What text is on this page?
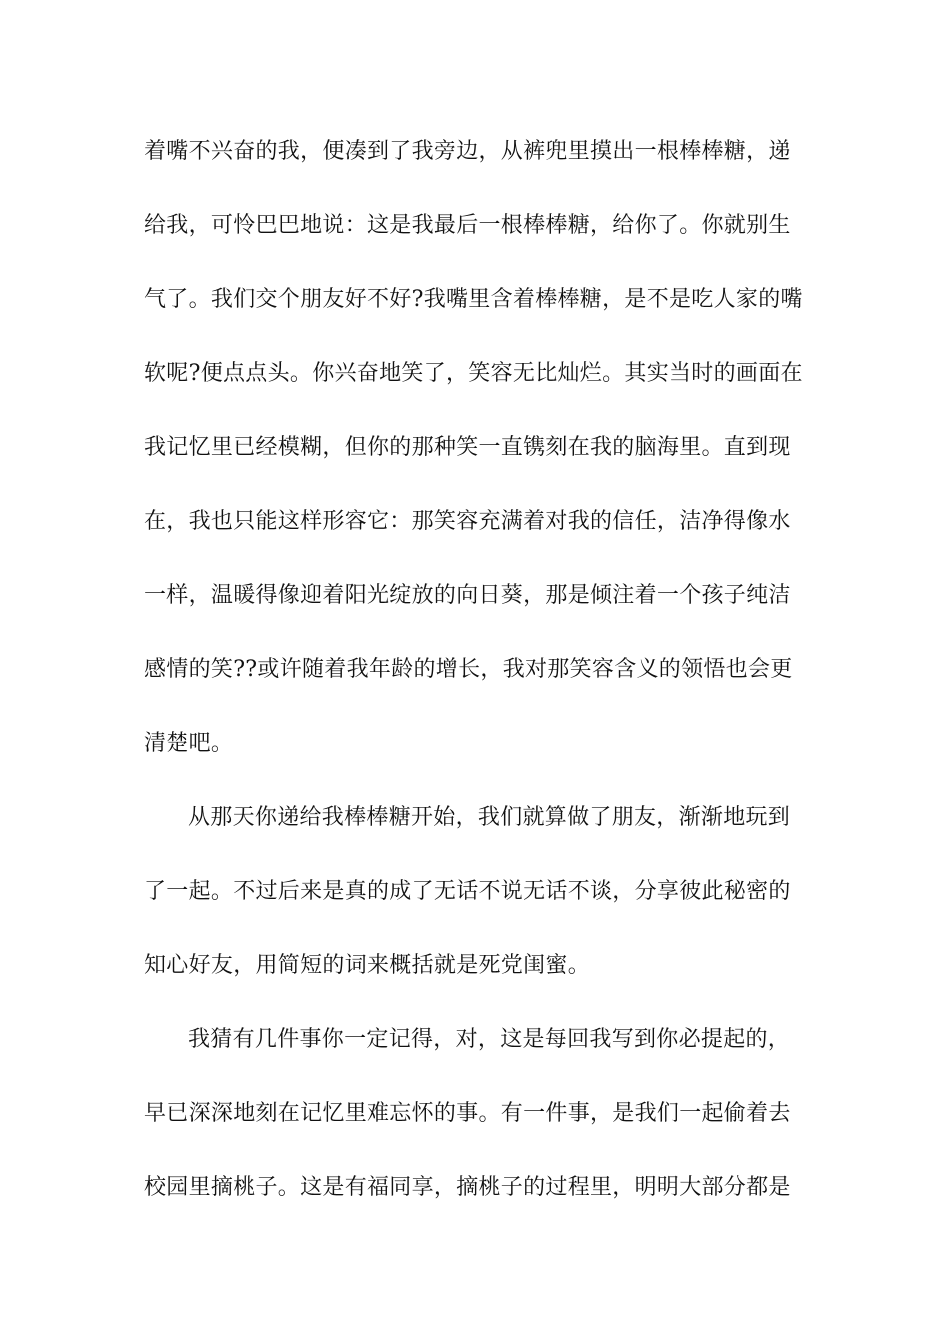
着嘴不兴奋的我，便凑到了我旁边，从裤兜里摸出一根棒棒糖，递
给我，可怜巴巴地说：这是我最后一根棒棒糖，给你了。你就别生
气了。我们交个朋友好不好?我嘴里含着棒棒糖，是不是吃人家的嘴
软呢?便点点头。你兴奋地笑了，笑容无比灿烂。其实当时的画面在
我记忆里已经模糊，但你的那种笑一直镌刻在我的脑海里。直到现
在，我也只能这样形容它：那笑容充满着对我的信任，洁净得像水
一样，温暖得像迎着阳光绽放的向日葵，那是倾注着一个孩子纯洁
感情的笑??或许随着我年龄的增长，我对那笑容含义的领悟也会更
清楚吧。
从那天你递给我棒棒糖开始，我们就算做了朋友，渐渐地玩到
了一起。不过后来是真的成了无话不说无话不谈，分享彼此秘密的
知心好友，用简短的词来概括就是死党闺蜜。
我猜有几件事你一定记得，对，这是每回我写到你必提起的，
早已深深地刻在记忆里难忘怀的事。有一件事，是我们一起偷着去
校园里摘桃子。这是有福同享，摘桃子的过程里，明明大部分都是
